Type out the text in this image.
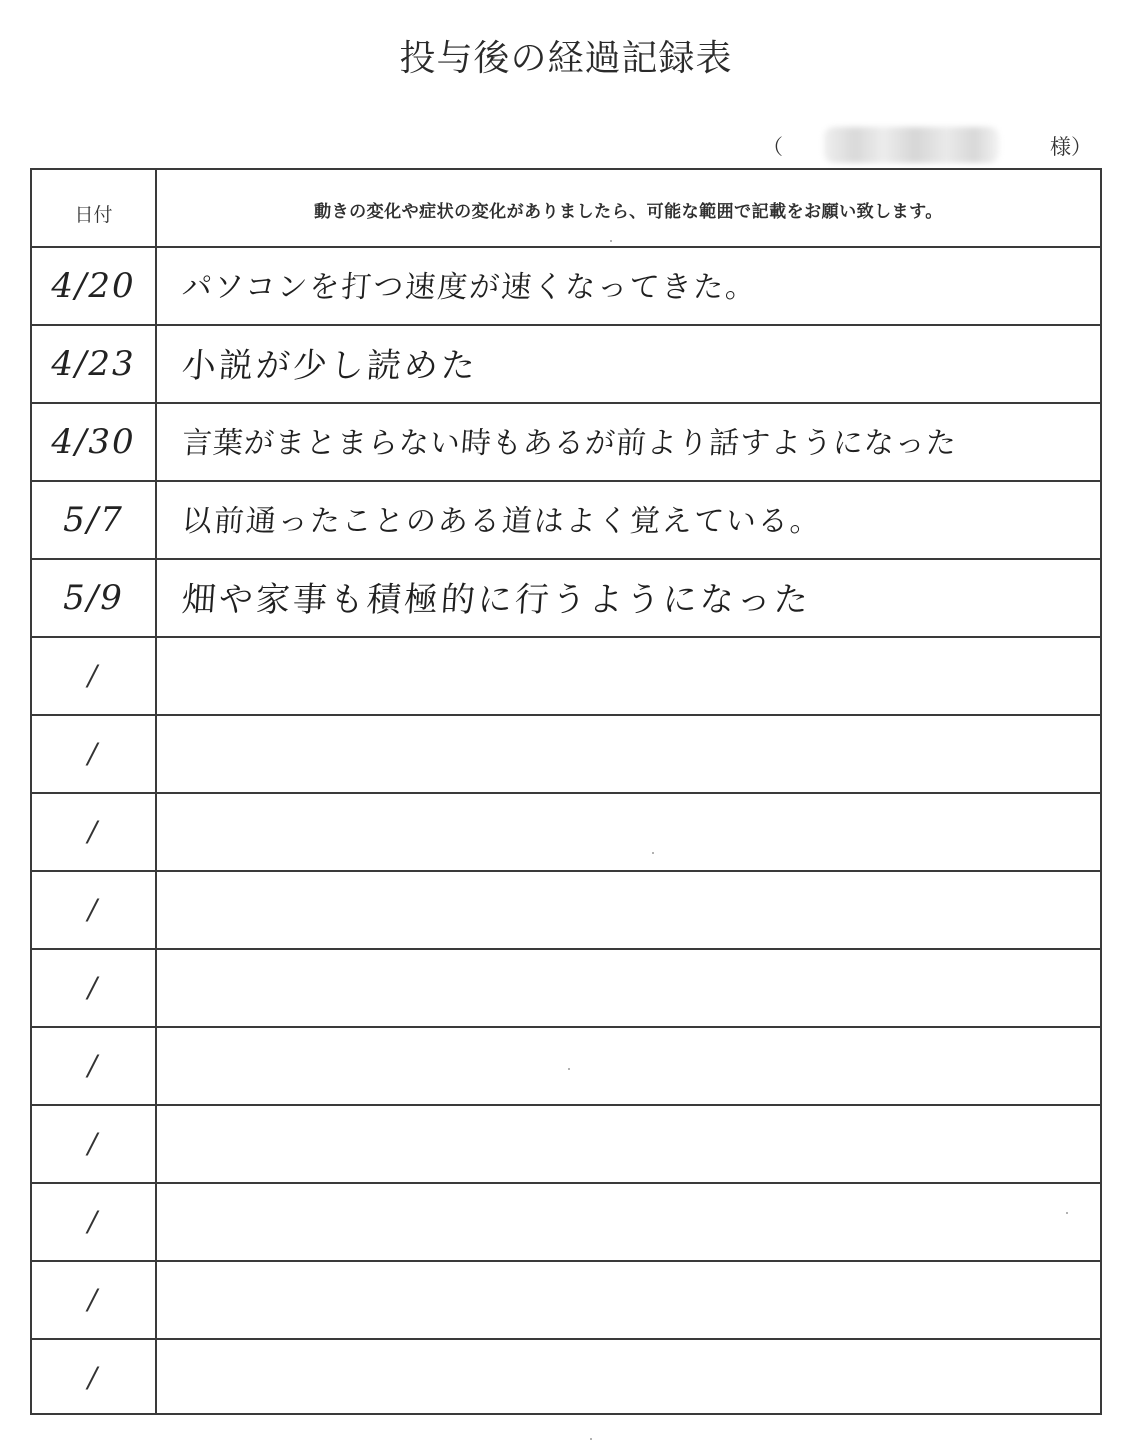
投与後の経過記録表
（	様）
日付	動きの変化や症状の変化がありましたら、可能な範囲で記載をお願い致します。
4/20	パソコンを打つ速度が速くなってきた。
4/23	小説が少し読めた
4/30	言葉がまとまらない時もあるが前より話すようになった
5/7	以前通ったことのある道はよく覚えている。
5/9	畑や家事も積極的に行うようになった
/
/
/
/
/
/
/
/
/
/
